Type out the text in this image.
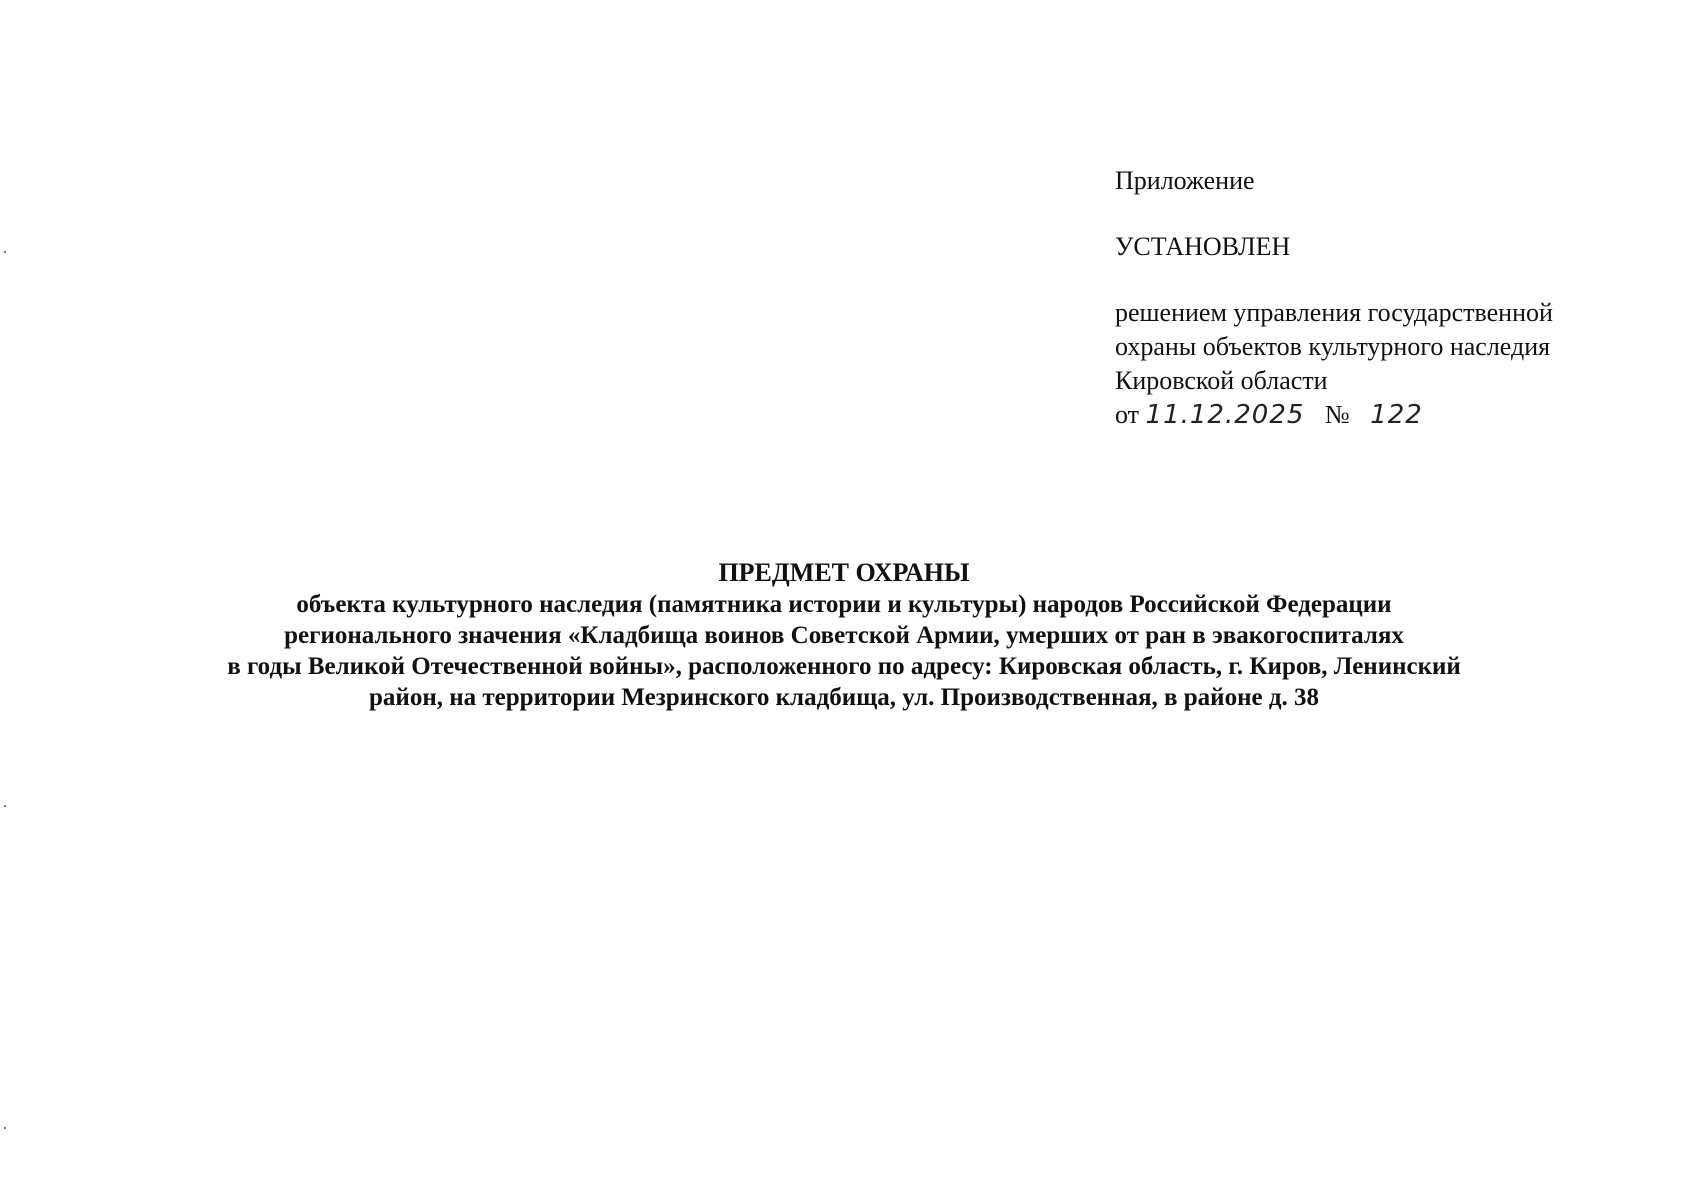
Приложение
УСТАНОВЛЕН
решением управления государственной
охраны объектов культурного наследия
Кировской области
от 11.12.2025 № 122
ПРЕДМЕТ ОХРАНЫ
объекта культурного наследия (памятника истории и культуры) народов Российской Федерации
регионального значения «Кладбища воинов Советской Армии, умерших от ран в эвакогоспиталях
в годы Великой Отечественной войны», расположенного по адресу: Кировская область, г. Киров, Ленинский
район, на территории Мезринского кладбища, ул. Производственная, в районе д. 38
